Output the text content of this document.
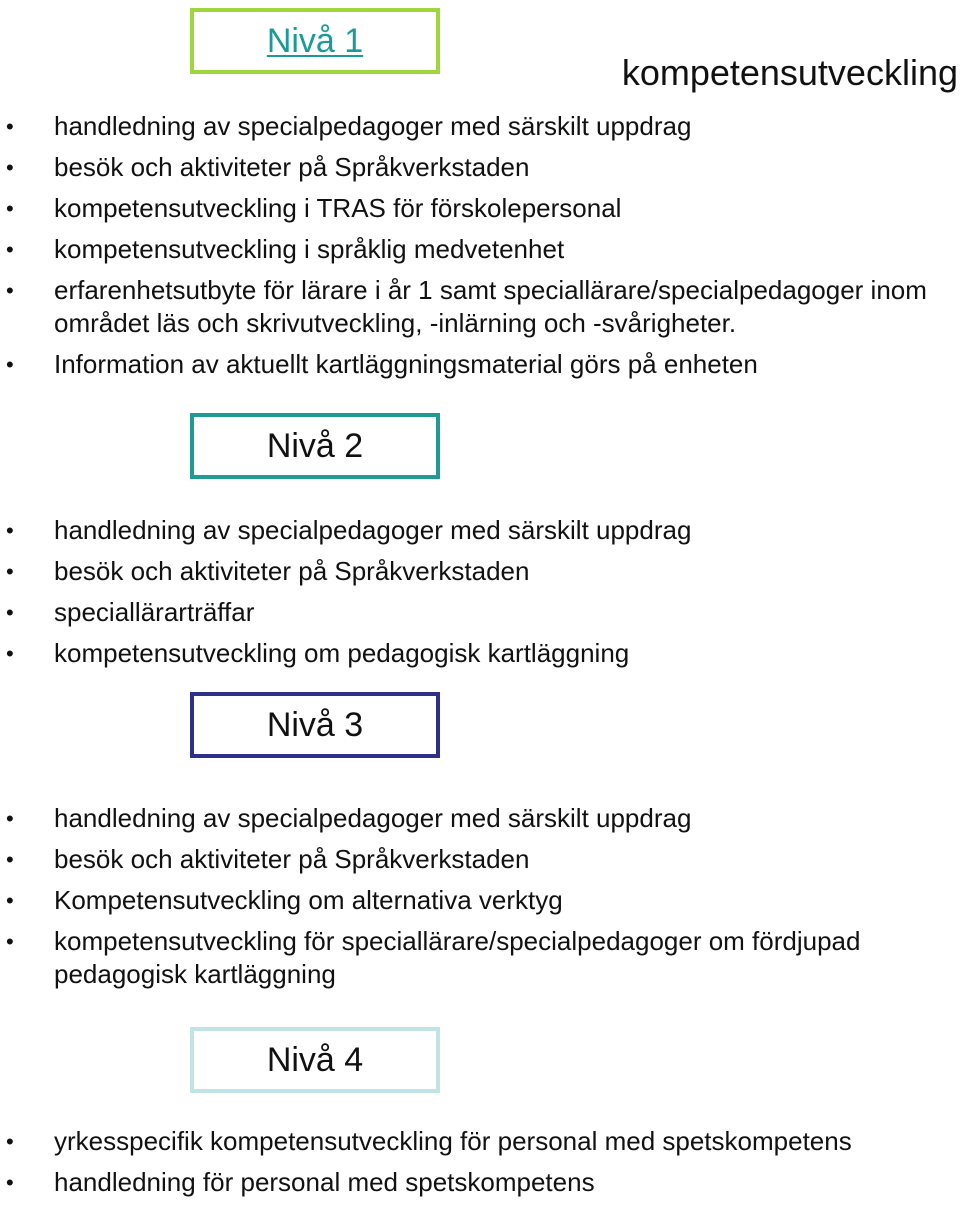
Nivå 1
kompetensutveckling
• handledning av specialpedagoger med särskilt uppdrag
• besök och aktiviteter på Språkverkstaden
• kompetensutveckling i TRAS för förskolepersonal
• kompetensutveckling i språklig medvetenhet
• erfarenhetsutbyte för lärare i år 1 samt speciallärare/specialpedagoger inom området läs och skrivutveckling, -inlärning och -svårigheter.
• Information av aktuellt kartläggningsmaterial görs på enheten
Nivå 2
• handledning av specialpedagoger med särskilt uppdrag
• besök och aktiviteter på Språkverkstaden
• speciallärarträffar
• kompetensutveckling om pedagogisk kartläggning
Nivå 3
• handledning av specialpedagoger med särskilt uppdrag
• besök och aktiviteter på Språkverkstaden
• Kompetensutveckling om alternativa verktyg
• kompetensutveckling för speciallärare/specialpedagoger om fördjupad pedagogisk kartläggning
Nivå 4
• yrkesspecifik kompetensutveckling för personal med spetskompetens
• handledning för personal med spetskompetens
